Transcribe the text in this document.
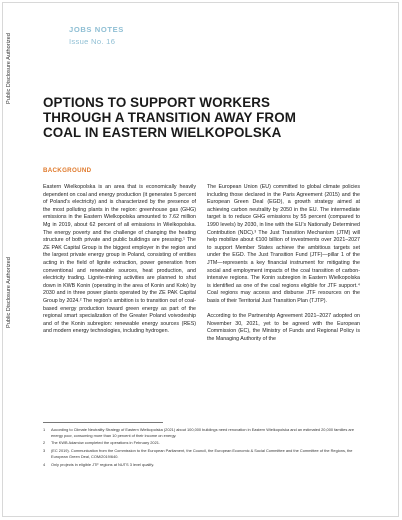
Public Disclosure Authorized
Public Disclosure Authorized
JOBS NOTES
Issue No. 16
OPTIONS TO SUPPORT WORKERS
THROUGH A TRANSITION AWAY FROM
COAL IN EASTERN WIELKOPOLSKA
BACKGROUND

Eastern Wielkopolska is an area that is economically heavily dependent on coal and energy production (it generates 5 percent of Poland's electricity) and is characterized by the presence of the most polluting plants in the region: greenhouse gas (GHG) emissions in the Eastern Wielkopolska amounted to 7.62 million Mg in 2019, about 62 percent of all emissions in Wielkopolska. The energy poverty and the challenge of changing the heating structure of both private and public buildings are pressing.¹ The ZE PAK Capital Group is the biggest employer in the region and the largest private energy group in Poland, consisting of entities acting in the field of lignite extraction, power generation from conventional and renewable sources, heat production, and electricity trading. Lignite-mining activities are planned to shut down in KWB Konin (operating in the area of Konin and Koło) by 2030 and in three power plants operated by the ZE PAK Capital Group by 2024.² The region's ambition is to transition out of coal-based energy production toward green energy as part of the regional smart specialization of the Greater Poland voivodeship and of the Konin subregion: renewable energy sources (RES) and modern energy technologies, including hydrogen.

The European Union (EU) committed to global climate policies including those declared in the Paris Agreement (2015) and the European Green Deal (EGD), a growth strategy aimed at achieving carbon neutrality by 2050 in the EU. The intermediate target is to reduce GHG emissions by 55 percent (compared to 1990 levels) by 2030, in line with the EU's Nationally Determined Contribution (NDC).³ The Just Transition Mechanism (JTM) will help mobilize about €100 billion of investments over 2021–2027 to support Member States achieve the ambitious targets set under the EGD. The Just Transition Fund (JTF)—pillar 1 of the JTM—represents a key financial instrument for mitigating the social and employment impacts of the coal transition of carbon-intensive regions. The Konin subregion in Eastern Wielkopolska is identified as one of the coal regions eligible for JTF support.⁴ Coal regions may access and disburse JTF resources on the basis of their Territorial Just Transition Plan (TJTP).

According to the Partnership Agreement 2021–2027 adopted on November 30, 2021, yet to be agreed with the European Commission (EC), the Ministry of Funds and Regional Policy is the Managing Authority of the

1	According to Climate Neutrality Strategy of Eastern Wielkopolska (2021) about 100,000 buildings need renovation in Eastern Wielkopolska and an estimated 20,000 families are energy poor, consuming more than 10 percent of their income on energy.
2	The KWB Adamów completed the operations in February 2021.
3	(EC 2019). Communication from the Commission to the European Parliament, the Council, the European Economic & Social Committee and the Committee of the Regions, the European Green Deal, COM/2019/640.
4	Only projects in eligible JTF regions at NUTS 3 level qualify.
